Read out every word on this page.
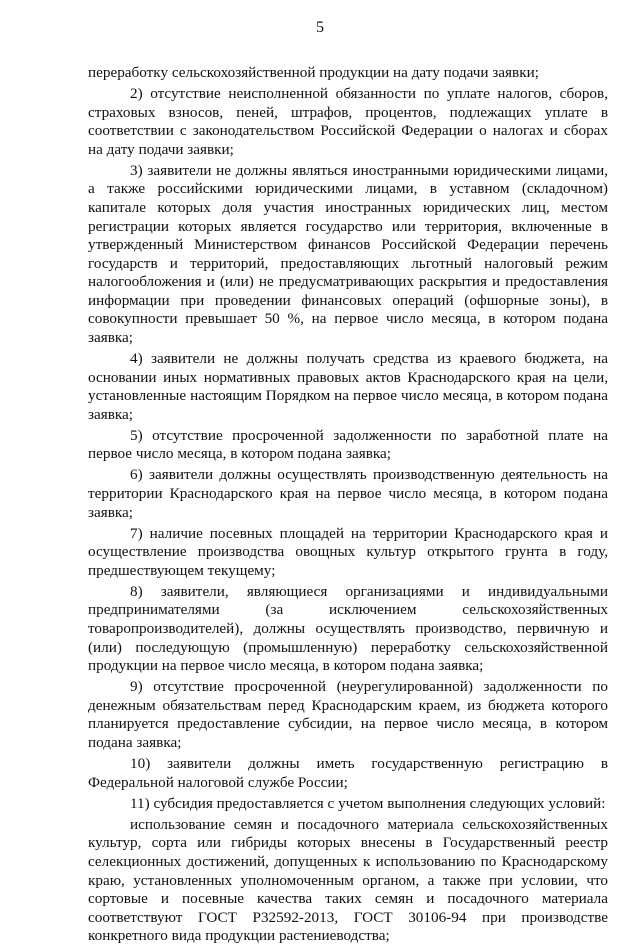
5

переработку сельскохозяйственной продукции на дату подачи заявки;

2) отсутствие неисполненной обязанности по уплате налогов, сборов, страховых взносов, пеней, штрафов, процентов, подлежащих уплате в соответствии с законодательством Российской Федерации о налогах и сборах на дату подачи заявки;

3) заявители не должны являться иностранными юридическими лицами, а также российскими юридическими лицами, в уставном (складочном) капитале которых доля участия иностранных юридических лиц, местом регистрации которых является государство или территория, включенные в утвержденный Министерством финансов Российской Федерации перечень государств и территорий, предоставляющих льготный налоговый режим налогообложения и (или) не предусматривающих раскрытия и предоставления информации при проведении финансовых операций (офшорные зоны), в совокупности превышает 50 %, на первое число месяца, в котором подана заявка;

4) заявители не должны получать средства из краевого бюджета, на основании иных нормативных правовых актов Краснодарского края на цели, установленные настоящим Порядком на первое число месяца, в котором подана заявка;

5) отсутствие просроченной задолженности по заработной плате на первое число месяца, в котором подана заявка;

6) заявители должны осуществлять производственную деятельность на территории Краснодарского края на первое число месяца, в котором подана заявка;

7) наличие посевных площадей на территории Краснодарского края и осуществление производства овощных культур открытого грунта в году, предшествующем текущему;

8) заявители, являющиеся организациями и индивидуальными предпринимателями (за исключением сельскохозяйственных товаропроизводителей), должны осуществлять производство, первичную и (или) последующую (промышленную) переработку сельскохозяйственной продукции на первое число месяца, в котором подана заявка;

9) отсутствие просроченной (неурегулированной) задолженности по денежным обязательствам перед Краснодарским краем, из бюджета которого планируется предоставление субсидии, на первое число месяца, в котором подана заявка;

10) заявители должны иметь государственную регистрацию в Федеральной налоговой службе России;

11) субсидия предоставляется с учетом выполнения следующих условий:

использование семян и посадочного материала сельскохозяйственных культур, сорта или гибриды которых внесены в Государственный реестр селекционных достижений, допущенных к использованию по Краснодарскому краю, установленных уполномоченным органом, а также при условии, что сортовые и посевные качества таких семян и посадочного материала соответствуют ГОСТ Р32592-2013, ГОСТ 30106-94 при производстве конкретного вида продукции растениеводства;
